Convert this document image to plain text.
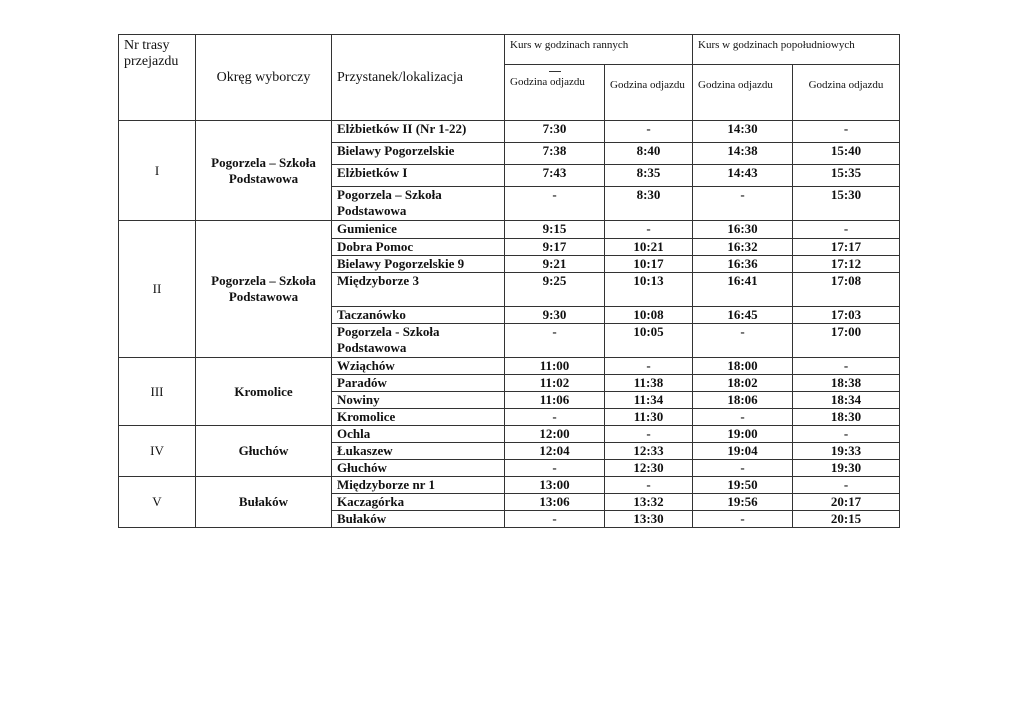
Nr trasy przejazdu	Okręg wyborczy	Przystanek/lokalizacja	Kurs w godzinach rannych		Kurs w godzinach popołudniowych	

Godzina odjazdu	Godzina odjazdu	Godzina odjazdu	Godzina odjazdu
I	Pogorzela – Szkoła Podstawowa	Elżbietków II (Nr 1-22)	7:30	-	14:30	-
		Bielawy Pogorzelskie	7:38	8:40	14:38	15:40
		Elżbietków I	7:43	8:35	14:43	15:35
		Pogorzela – Szkoła Podstawowa	-	8:30	-	15:30
II	Pogorzela – Szkoła Podstawowa	Gumienice	9:15	-	16:30	-
		Dobra Pomoc	9:17	10:21	16:32	17:17
		Bielawy Pogorzelskie 9	9:21	10:17	16:36	17:12
		Międzyborze 3	9:25	10:13	16:41	17:08
		Taczanówko	9:30	10:08	16:45	17:03
		Pogorzela - Szkoła Podstawowa	-	10:05	-	17:00
III	Kromolice	Wziąchów	11:00	-	18:00	-
		Paradów	11:02	11:38	18:02	18:38
		Nowiny	11:06	11:34	18:06	18:34
		Kromolice	-	11:30	-	18:30
IV	Głuchów	Ochla	12:00	-	19:00	-
		Łukaszew	12:04	12:33	19:04	19:33
		Głuchów	-	12:30	-	19:30
V	Bułaków	Międzyborze nr 1	13:00	-	19:50	-
		Kaczagórka	13:06	13:32	19:56	20:17
		Bułaków	-	13:30	-	20:15
